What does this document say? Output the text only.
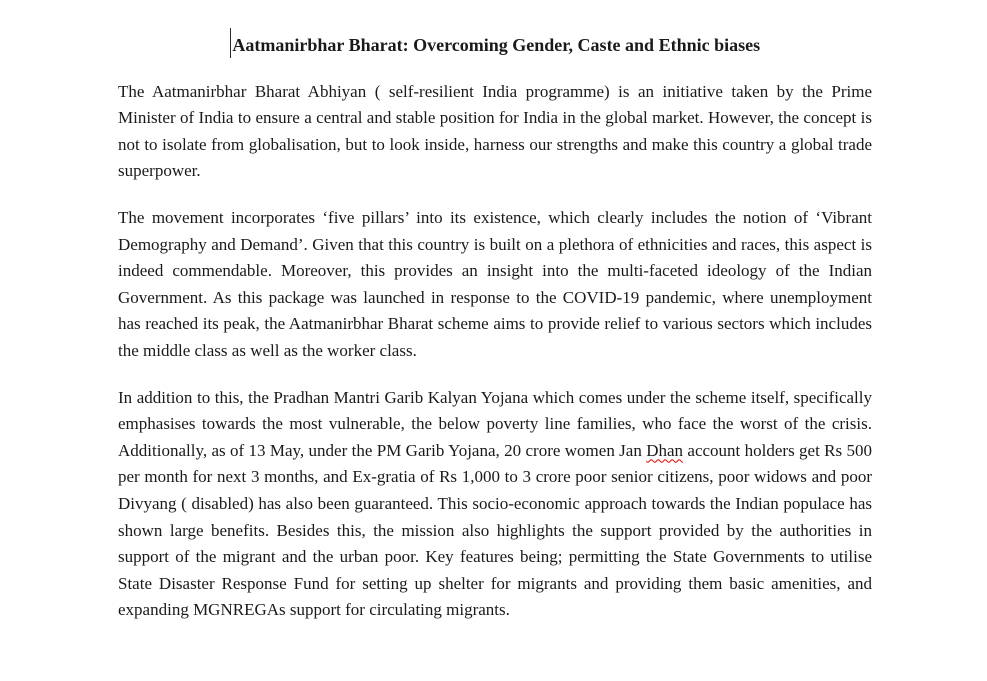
Aatmanirbhar Bharat: Overcoming Gender, Caste and Ethnic biases

The Aatmanirbhar Bharat Abhiyan ( self-resilient India programme) is an initiative taken by the Prime Minister of India to ensure a central and stable position for India in the global market. However, the concept is not to isolate from globalisation, but to look inside, harness our strengths and make this country a global trade superpower.

The movement incorporates ‘five pillars’ into its existence, which clearly includes the notion of ‘Vibrant Demography and Demand’. Given that this country is built on a plethora of ethnicities and races, this aspect is indeed commendable. Moreover, this provides an insight into the multi-faceted ideology of the Indian Government. As this package was launched in response to the COVID-19 pandemic, where unemployment has reached its peak, the Aatmanirbhar Bharat scheme aims to provide relief to various sectors which includes the middle class as well as the worker class.

In addition to this, the Pradhan Mantri Garib Kalyan Yojana which comes under the scheme itself, specifically emphasises towards the most vulnerable, the below poverty line families, who face the worst of the crisis. Additionally, as of 13 May, under the PM Garib Yojana, 20 crore women Jan Dhan account holders get Rs 500 per month for next 3 months, and Ex-gratia of Rs 1,000 to 3 crore poor senior citizens, poor widows and poor Divyang ( disabled) has also been guaranteed. This socio-economic approach towards the Indian populace has shown large benefits. Besides this, the mission also highlights the support provided by the authorities in support of the migrant and the urban poor. Key features being; permitting the State Governments to utilise State Disaster Response Fund for setting up shelter for migrants and providing them basic amenities, and expanding MGNREGAs support for circulating migrants.
